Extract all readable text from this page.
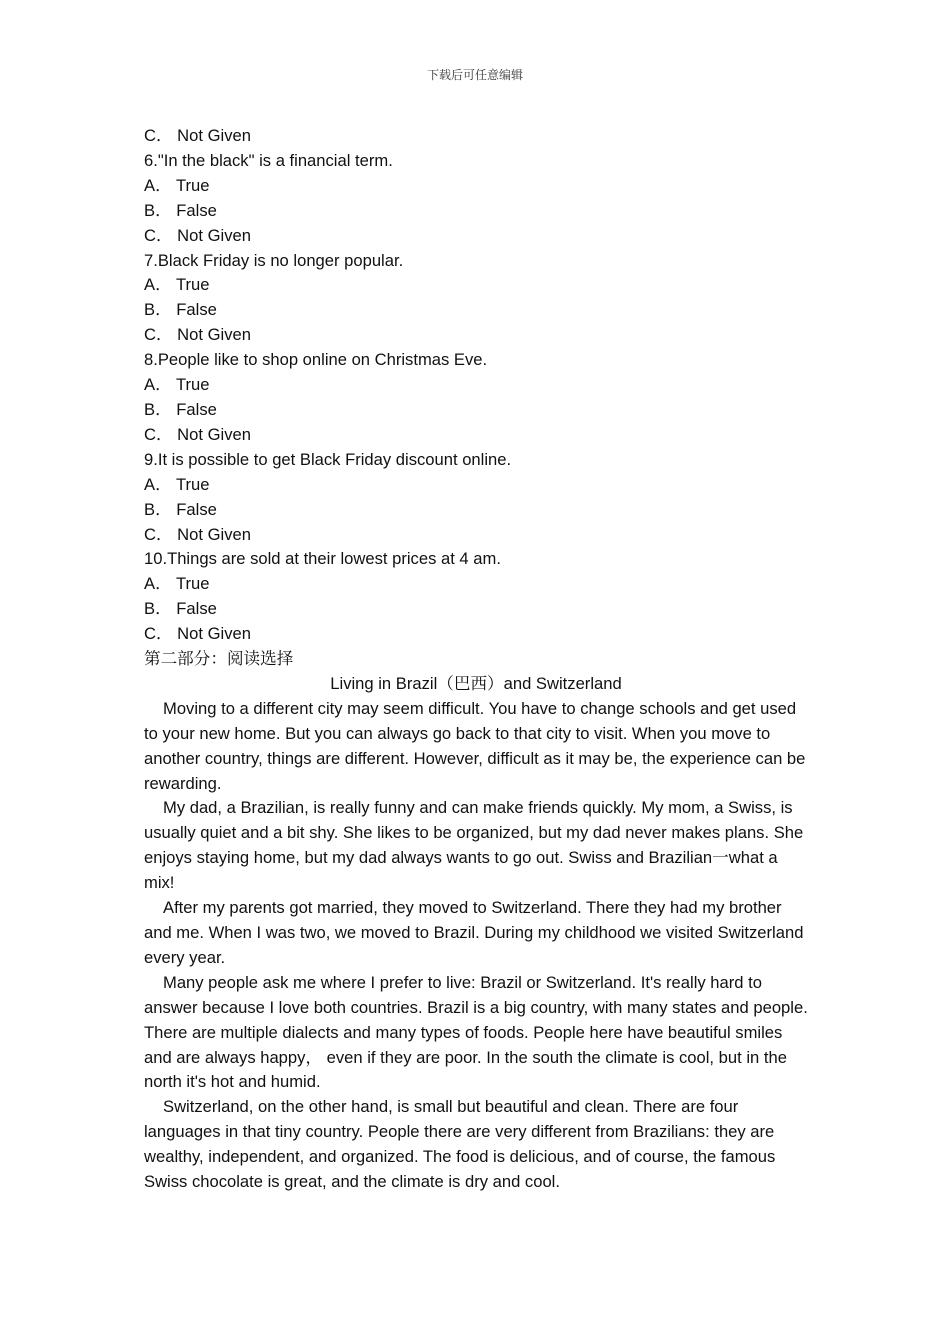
下载后可任意编辑
C． Not Given
6."In the black" is a financial term.
A． True
B． False
C． Not Given
7.Black Friday is no longer popular.
A． True
B． False
C． Not Given
8.People like to shop online on Christmas Eve.
A． True
B． False
C． Not Given
9.It is possible to get Black Friday discount online.
A． True
B． False
C． Not Given
10.Things are sold at their lowest prices at 4 am.
A． True
B． False
C． Not Given
第二部分：阅读选择
Living in Brazil（巴西）and Switzerland

Moving to a different city may seem difficult. You have to change schools and get used to your new home. But you can always go back to that city to visit. When you move to another country, things are different. However, difficult as it may be, the experience can be rewarding.

My dad, a Brazilian, is really funny and can make friends quickly. My mom, a Swiss, is usually quiet and a bit shy. She likes to be organized, but my dad never makes plans. She enjoys staying home, but my dad always wants to go out. Swiss and Brazilian一what a mix!

After my parents got married, they moved to Switzerland. There they had my brother and me. When I was two, we moved to Brazil. During my childhood we visited Switzerland every year.

Many people ask me where I prefer to live: Brazil or Switzerland. It's really hard to answer because I love both countries. Brazil is a big country, with many states and people. There are multiple dialects and many types of foods. People here have beautiful smiles and are always happy， even if they are poor. In the south the climate is cool, but in the north it's hot and humid.

Switzerland, on the other hand, is small but beautiful and clean. There are four languages in that tiny country. People there are very different from Brazilians: they are wealthy, independent, and organized. The food is delicious, and of course, the famous Swiss chocolate is great, and the climate is dry and cool.
